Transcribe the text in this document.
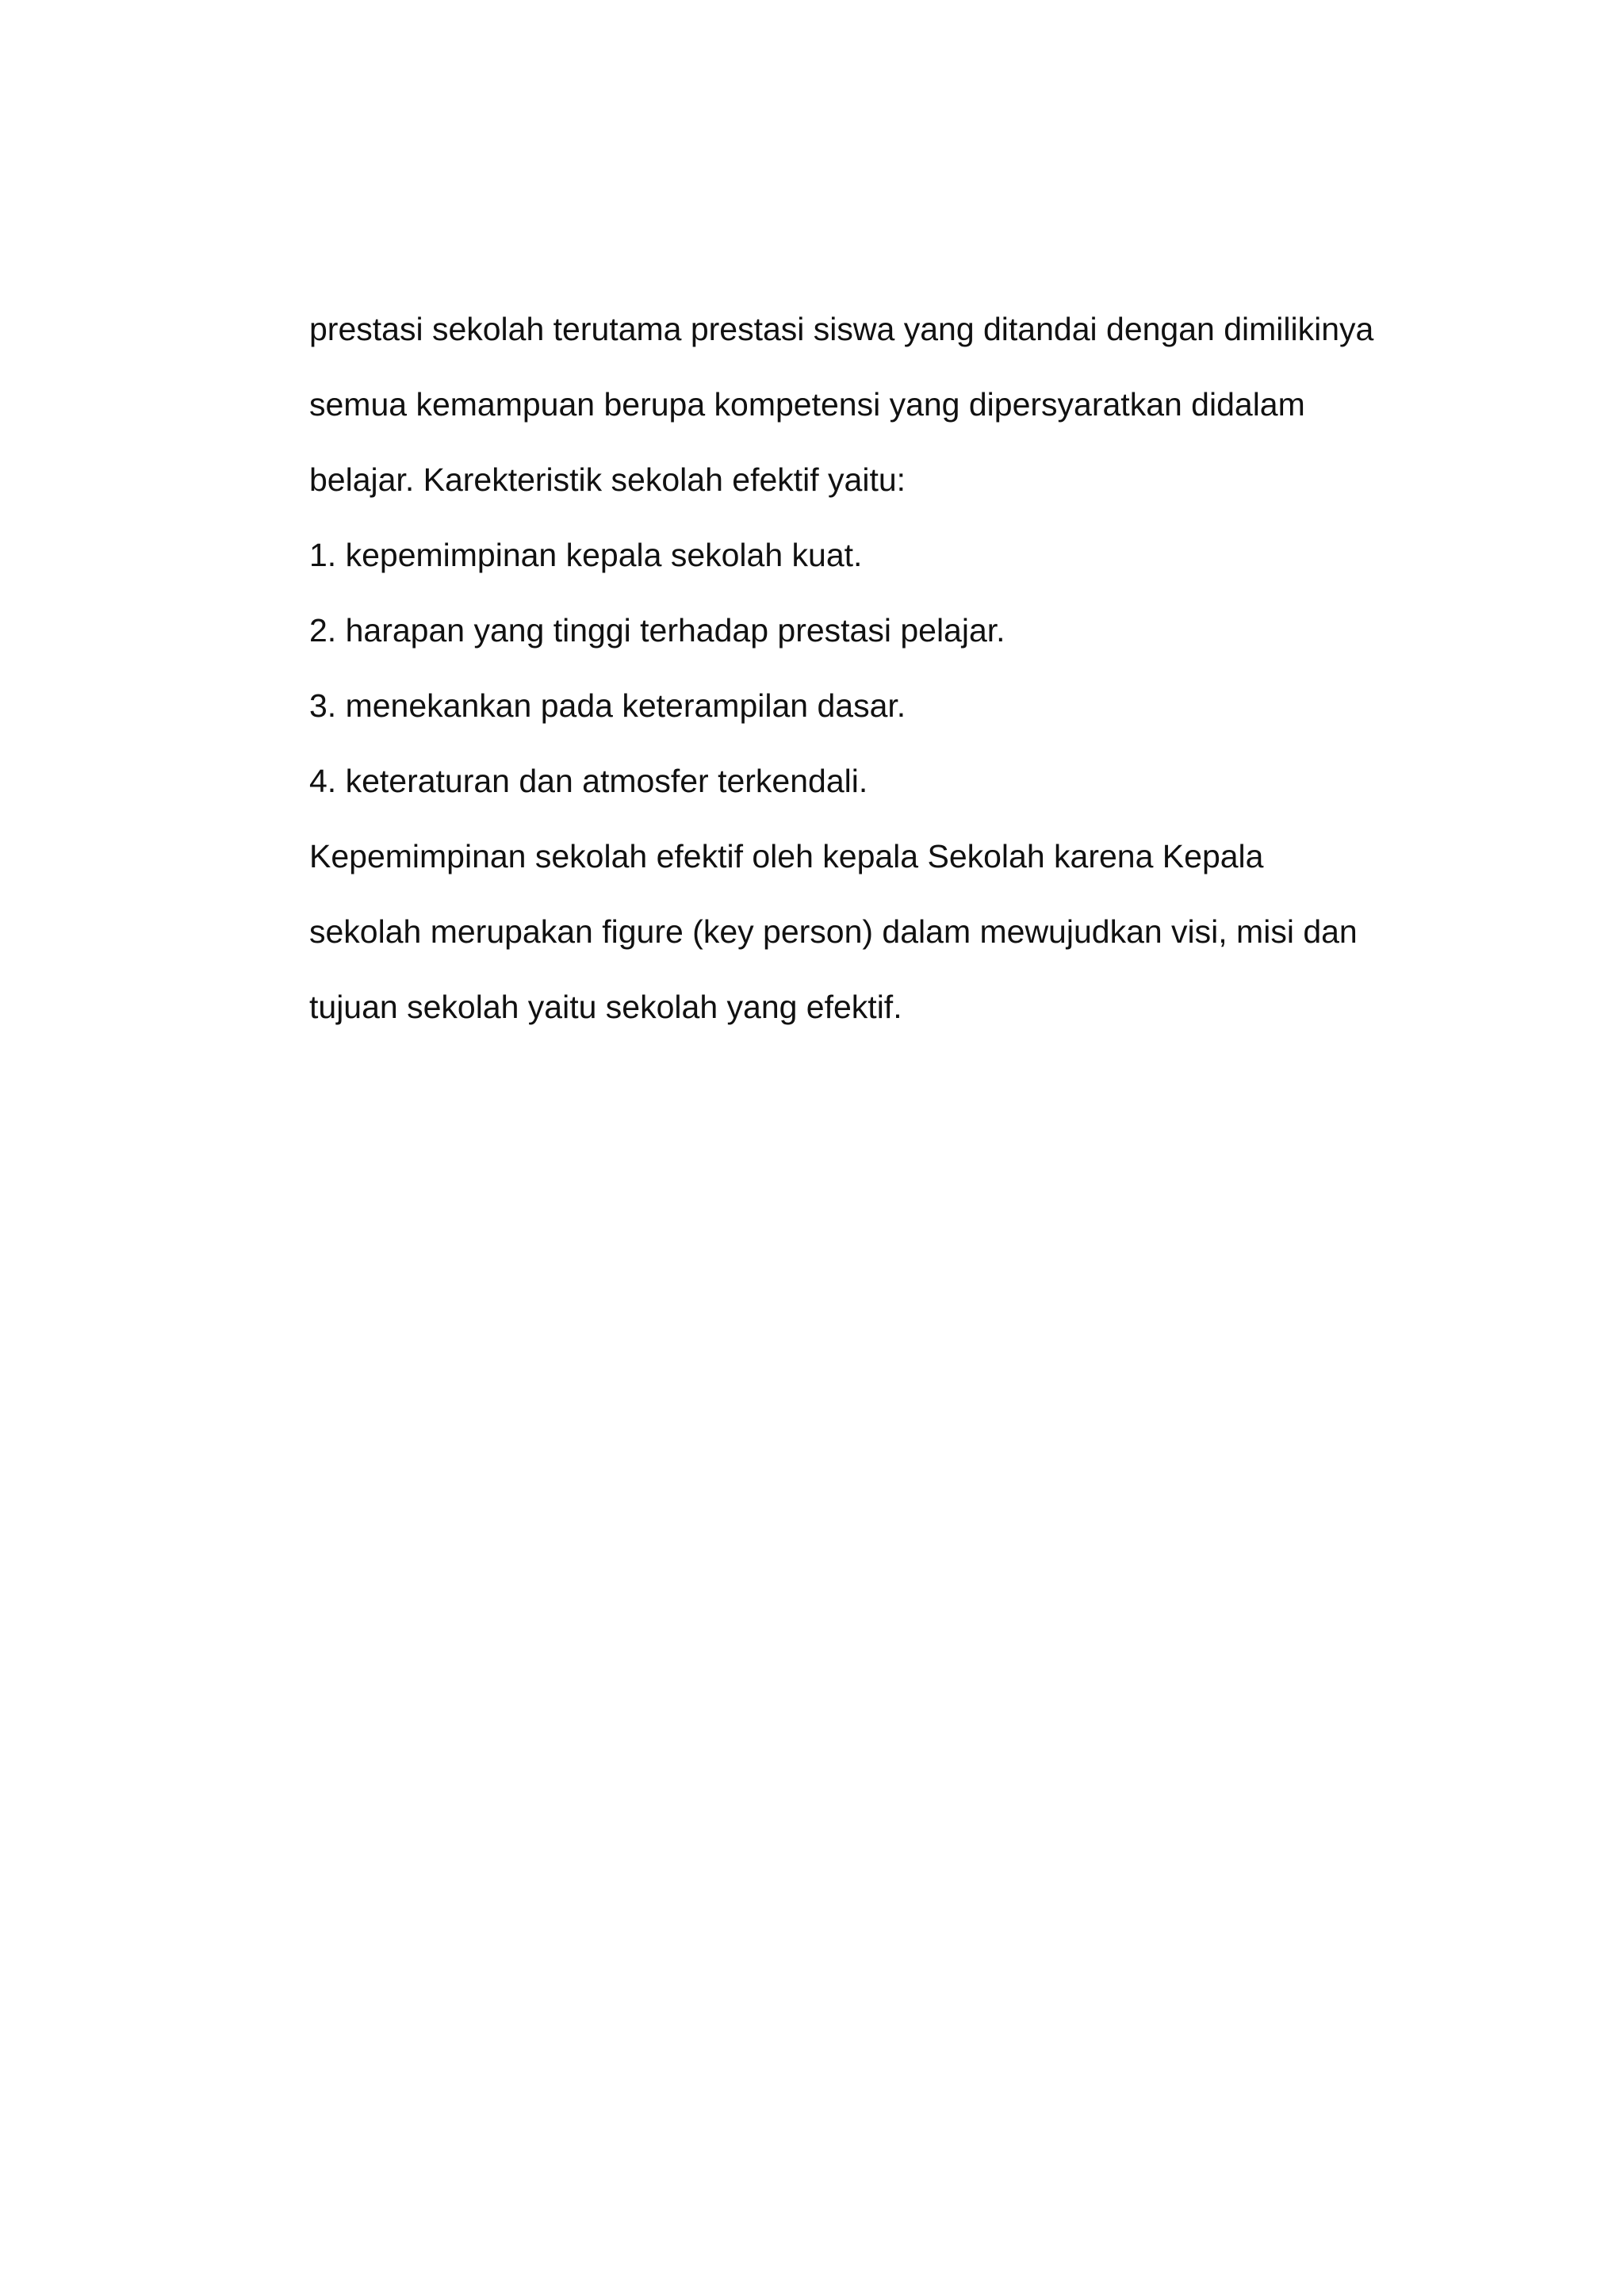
prestasi sekolah terutama prestasi siswa yang ditandai dengan dimilikinya
semua kemampuan berupa kompetensi yang dipersyaratkan didalam
belajar. Karekteristik sekolah efektif yaitu:
1. kepemimpinan kepala sekolah kuat.
2. harapan yang tinggi terhadap prestasi pelajar.
3. menekankan pada keterampilan dasar.
4. keteraturan dan atmosfer terkendali.
Kepemimpinan sekolah efektif oleh kepala Sekolah karena Kepala
sekolah merupakan figure (key person) dalam mewujudkan visi, misi dan
tujuan sekolah yaitu sekolah yang efektif.
